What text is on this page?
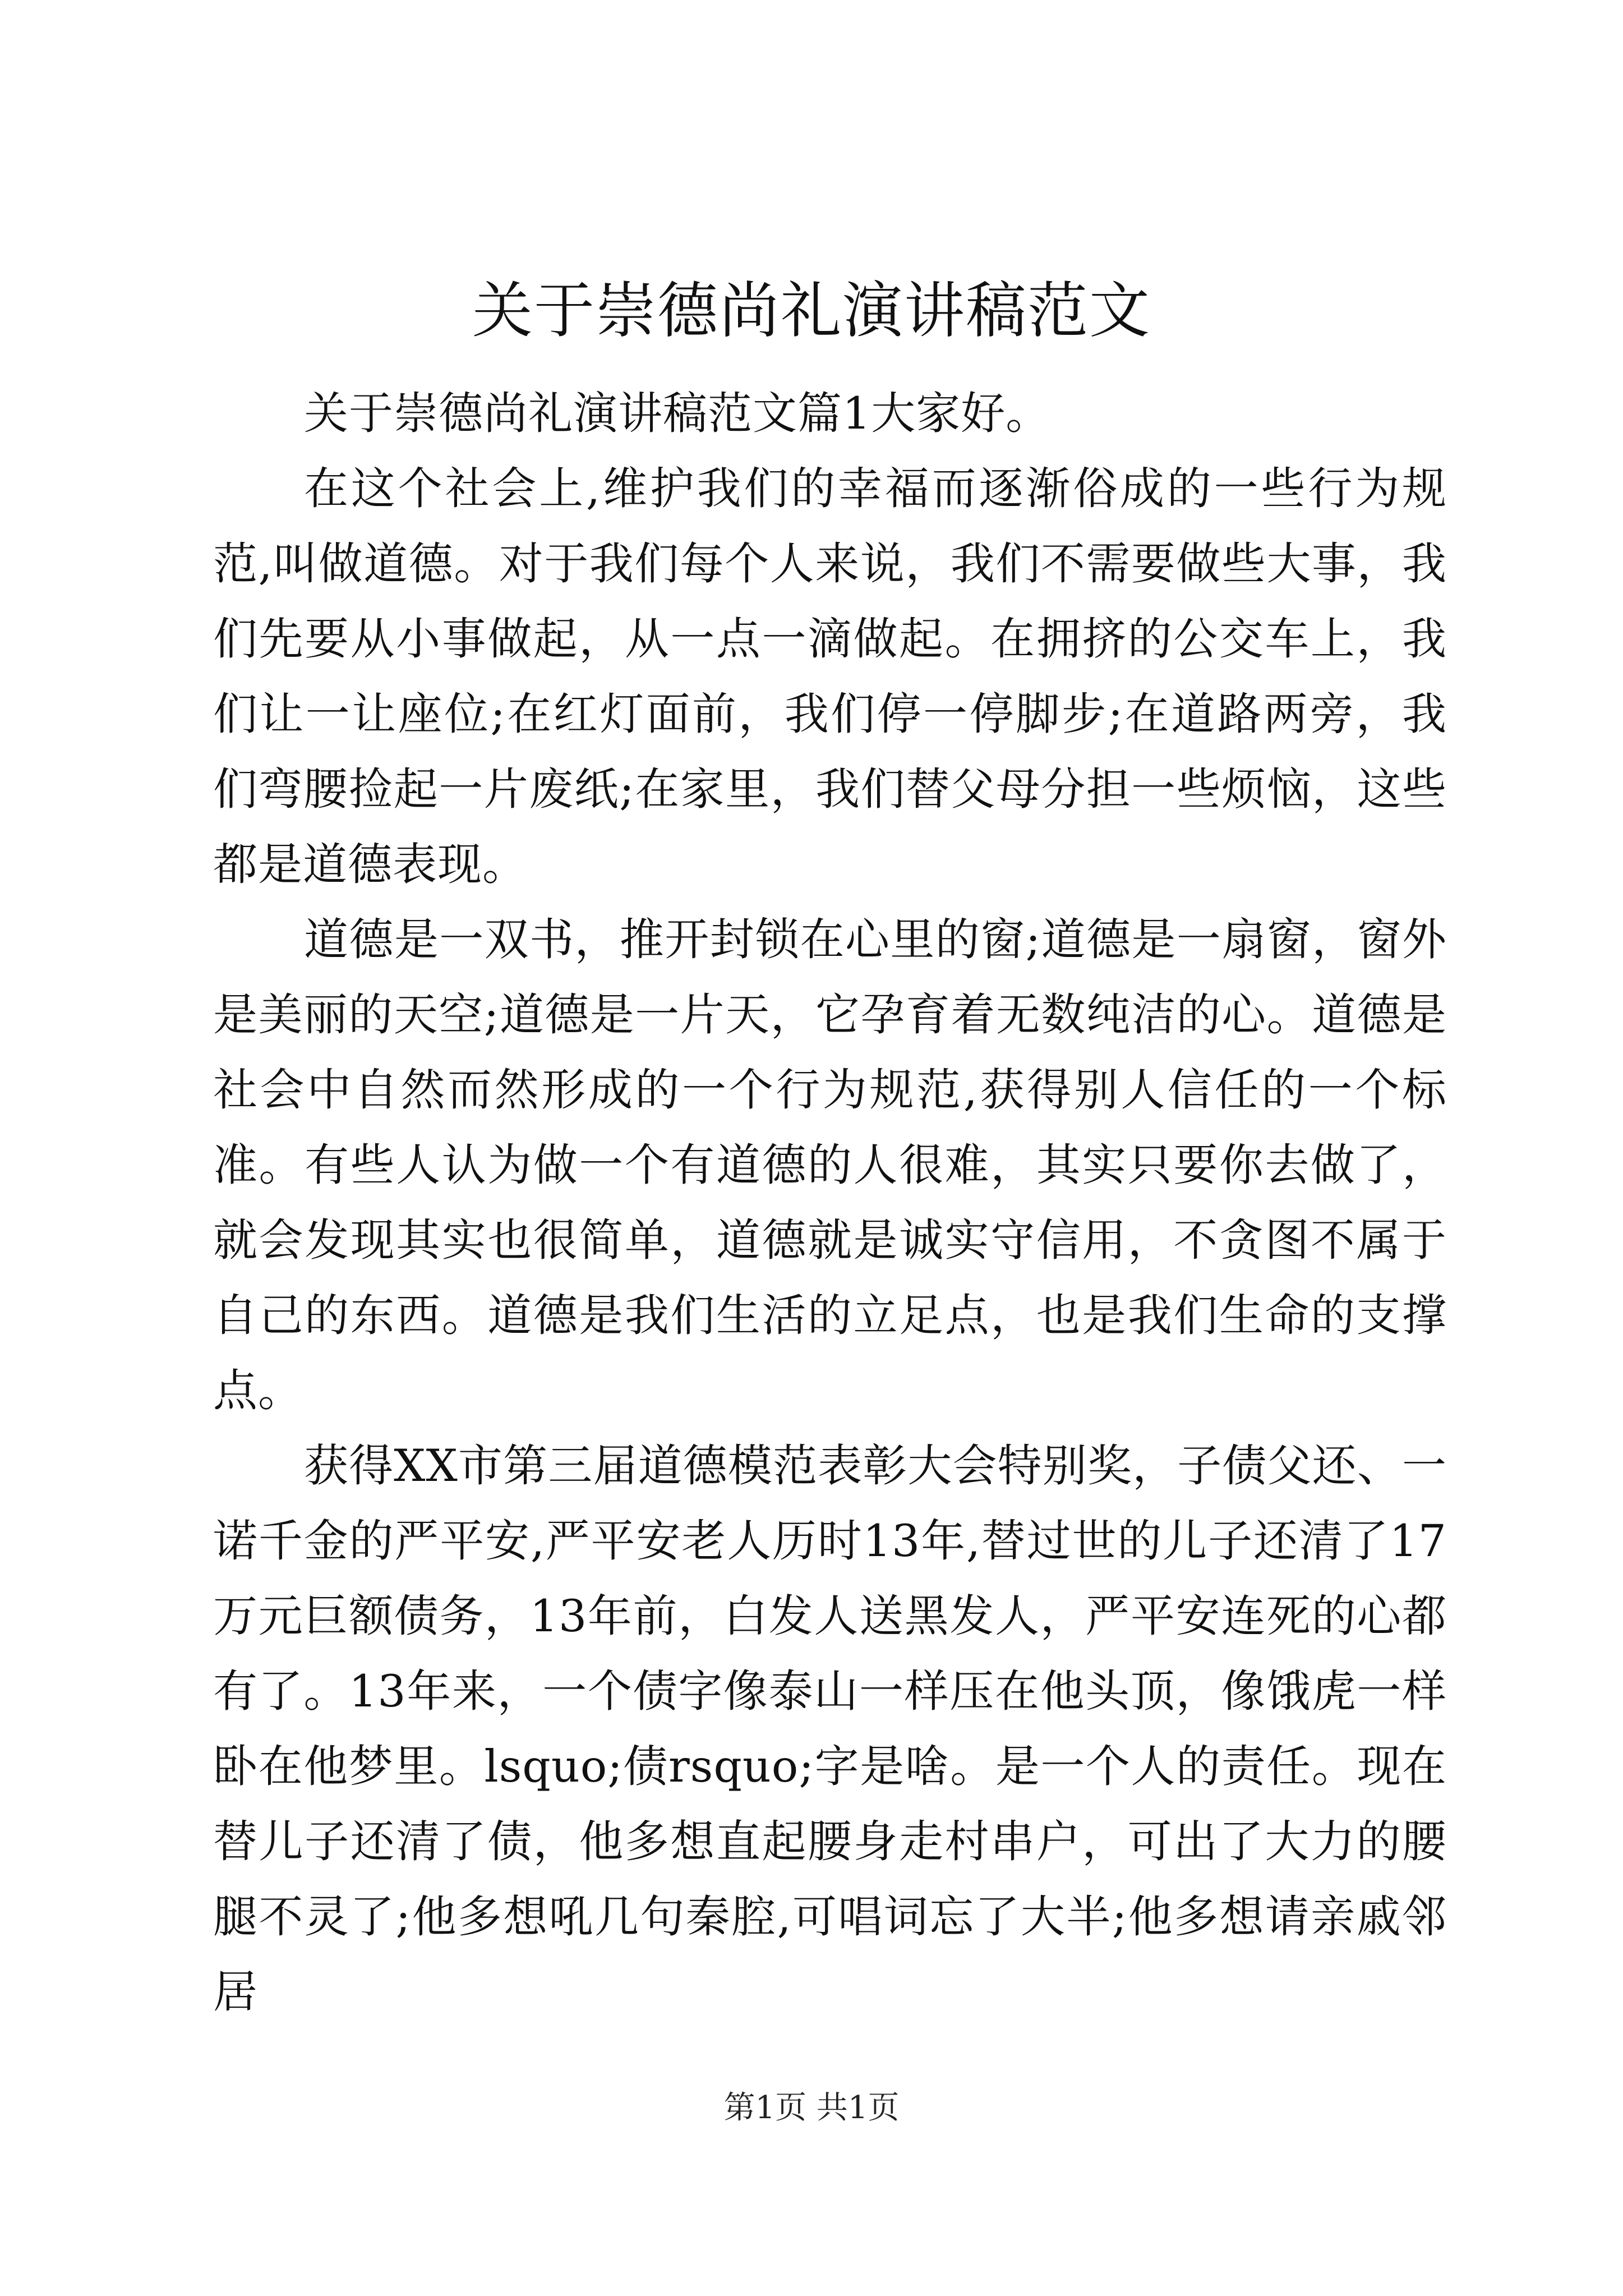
关于崇德尚礼演讲稿范文

关于崇德尚礼演讲稿范文篇1大家好。

在这个社会上,维护我们的幸福而逐渐俗成的一些行为规范,叫做道德。对于我们每个人来说，我们不需要做些大事，我们先要从小事做起，从一点一滴做起。在拥挤的公交车上，我们让一让座位;在红灯面前，我们停一停脚步;在道路两旁，我们弯腰捡起一片废纸;在家里，我们替父母分担一些烦恼，这些都是道德表现。

道德是一双书，推开封锁在心里的窗;道德是一扇窗，窗外是美丽的天空;道德是一片天，它孕育着无数纯洁的心。道德是社会中自然而然形成的一个行为规范,获得别人信任的一个标准。有些人认为做一个有道德的人很难，其实只要你去做了，就会发现其实也很简单，道德就是诚实守信用，不贪图不属于自己的东西。道德是我们生活的立足点，也是我们生命的支撑点。

获得XX市第三届道德模范表彰大会特别奖，子债父还、一诺千金的严平安,严平安老人历时13年,替过世的儿子还清了17万元巨额债务，13年前，白发人送黑发人，严平安连死的心都有了。13年来，一个债字像泰山一样压在他头顶，像饿虎一样卧在他梦里。lsquo;债rsquo;字是啥。是一个人的责任。现在替儿子还清了债，他多想直起腰身走村串户，可出了大力的腰腿不灵了;他多想吼几句秦腔,可唱词忘了大半;他多想请亲戚邻居

第1页 共1页
